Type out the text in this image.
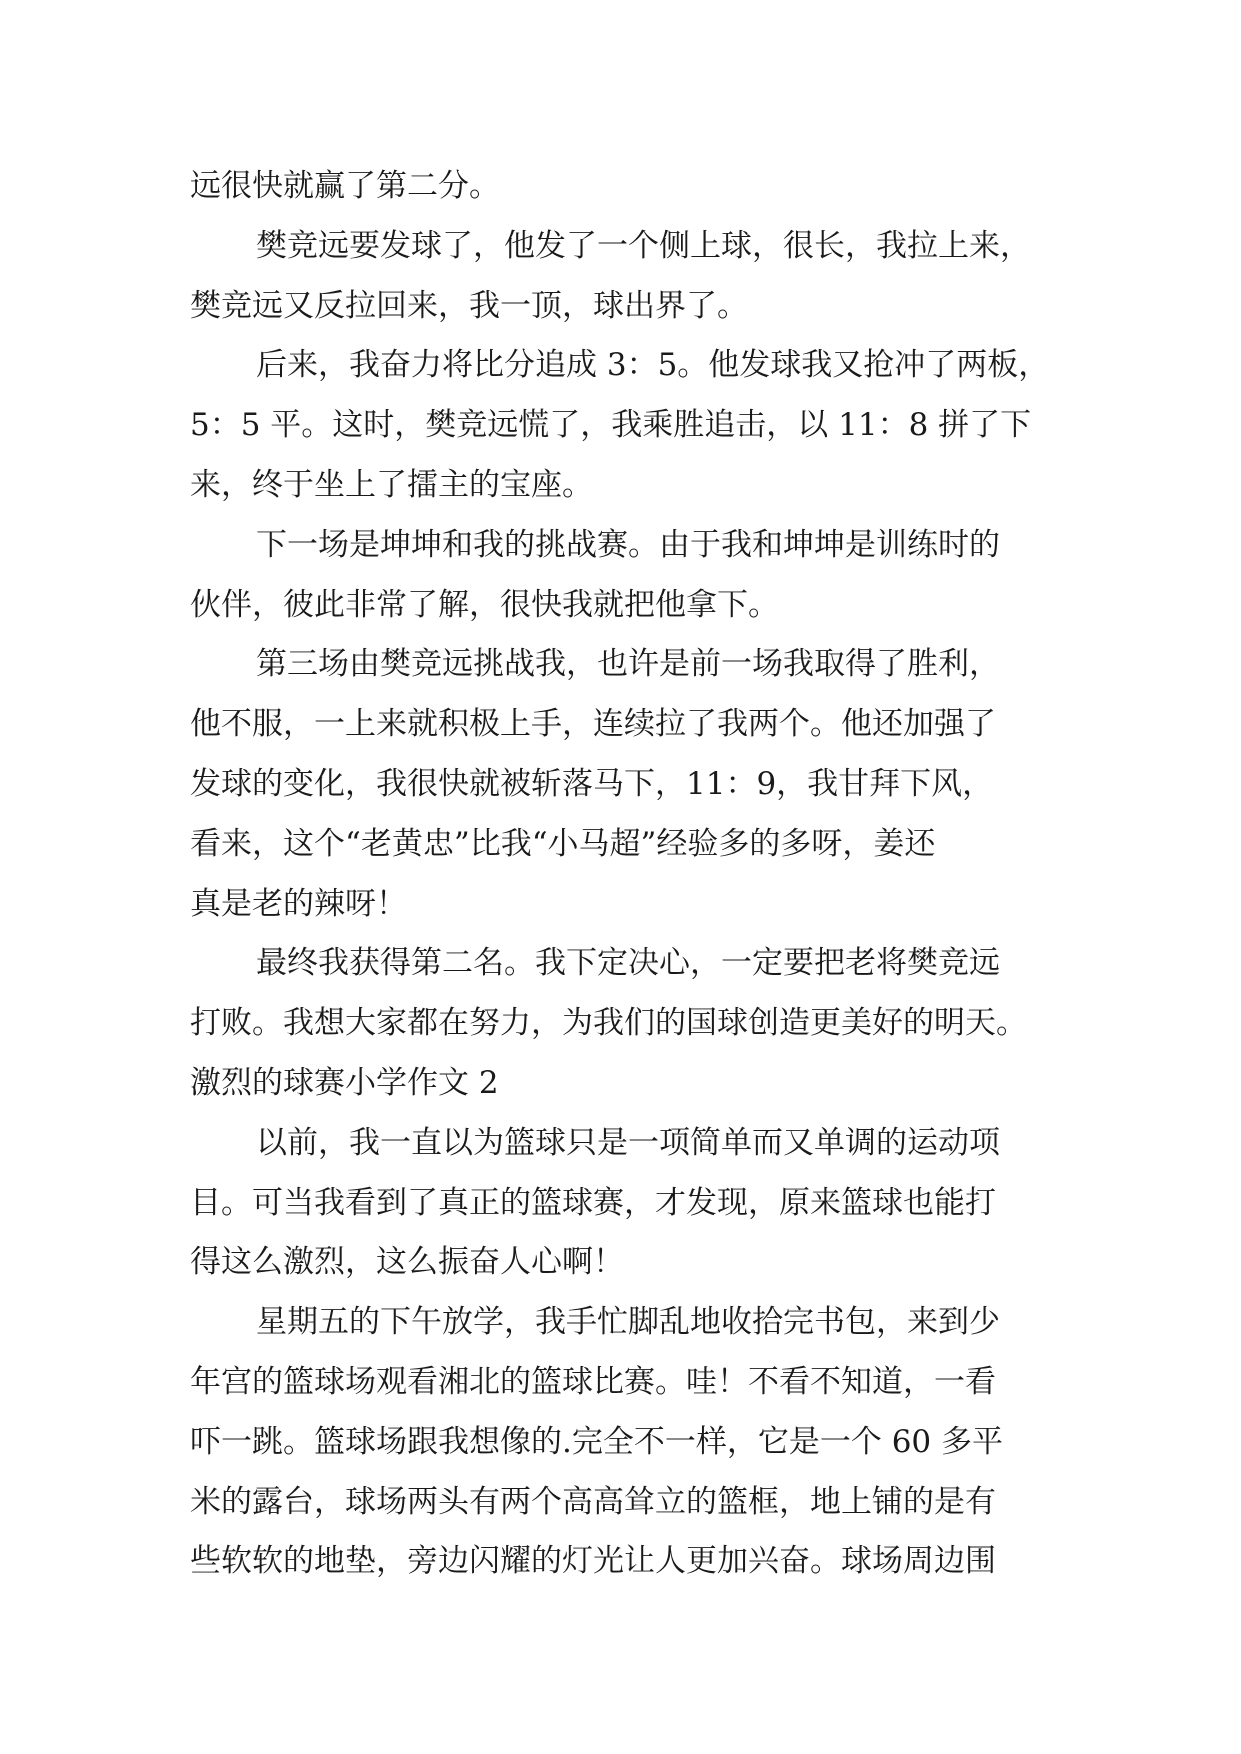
远很快就赢了第二分。
樊竞远要发球了，他发了一个侧上球，很长，我拉上来，
樊竞远又反拉回来，我一顶，球出界了。
后来，我奋力将比分追成 3：5。他发球我又抢冲了两板，
5：5 平。这时，樊竞远慌了，我乘胜追击，以 11：8 拼了下
来，终于坐上了擂主的宝座。
下一场是坤坤和我的挑战赛。由于我和坤坤是训练时的
伙伴，彼此非常了解，很快我就把他拿下。
第三场由樊竞远挑战我，也许是前一场我取得了胜利，
他不服，一上来就积极上手，连续拉了我两个。他还加强了
发球的变化，我很快就被斩落马下，11：9，我甘拜下风，
看来，这个“老黄忠”比我“小马超”经验多的多呀，姜还
真是老的辣呀！
最终我获得第二名。我下定决心，一定要把老将樊竞远
打败。我想大家都在努力，为我们的国球创造更美好的明天。
激烈的球赛小学作文 2
以前，我一直以为篮球只是一项简单而又单调的运动项
目。可当我看到了真正的篮球赛，才发现，原来篮球也能打
得这么激烈，这么振奋人心啊！
星期五的下午放学，我手忙脚乱地收拾完书包，来到少
年宫的篮球场观看湘北的篮球比赛。哇！不看不知道，一看
吓一跳。篮球场跟我想像的.完全不一样，它是一个 60 多平
米的露台，球场两头有两个高高耸立的篮框，地上铺的是有
些软软的地垫，旁边闪耀的灯光让人更加兴奋。球场周边围
